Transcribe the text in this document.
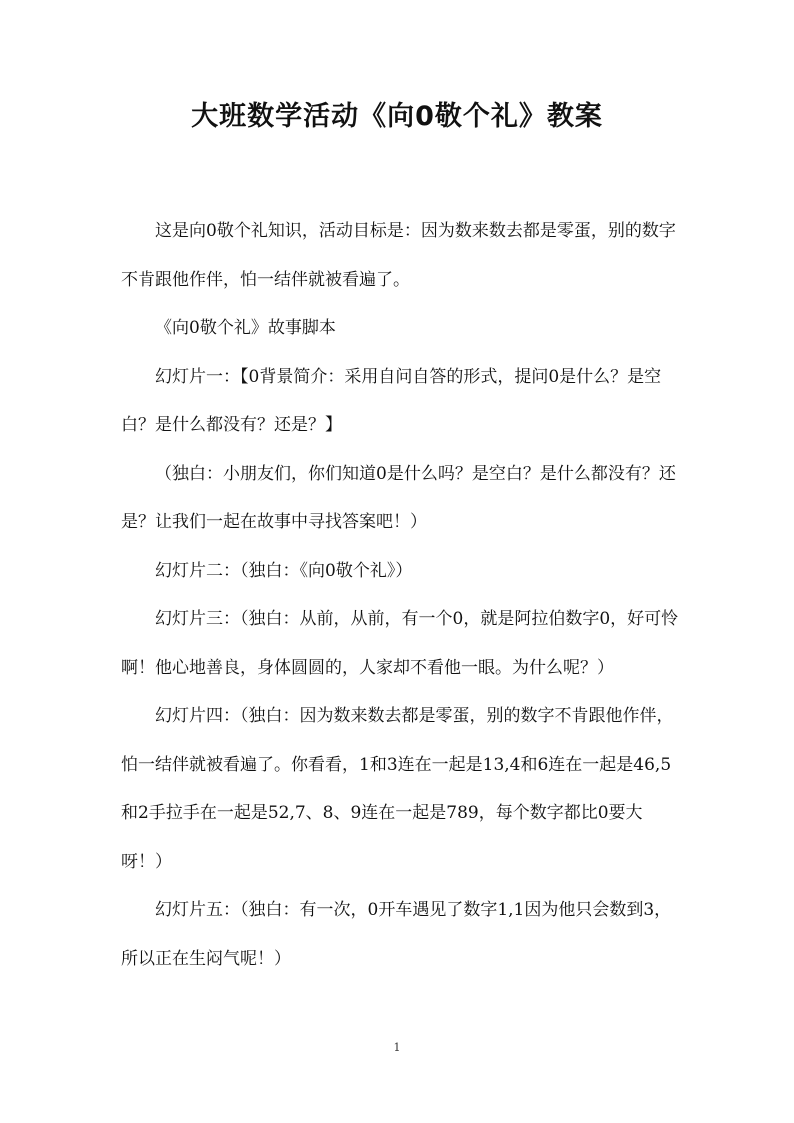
大班数学活动《向0敬个礼》教案

这是向0敬个礼知识，活动目标是：因为数来数去都是零蛋，别的数字不肯跟他作伴，怕一结伴就被看遍了。

《向0敬个礼》故事脚本

幻灯片一：【0背景简介：采用自问自答的形式，提问0是什么？是空白？是什么都没有？还是？】

（独白：小朋友们，你们知道0是什么吗？是空白？是什么都没有？还是？让我们一起在故事中寻找答案吧！）

幻灯片二：（独白：《向0敬个礼》）

幻灯片三：（独白：从前，从前，有一个0，就是阿拉伯数字0，好可怜啊！他心地善良，身体圆圆的，人家却不看他一眼。为什么呢？）

幻灯片四：（独白：因为数来数去都是零蛋，别的数字不肯跟他作伴，怕一结伴就被看遍了。你看看，1和3连在一起是13,4和6连在一起是46,5和2手拉手在一起是52,7、8、9连在一起是789，每个数字都比0要大呀！）

幻灯片五：（独白：有一次，0开车遇见了数字1,1因为他只会数到3，所以正在生闷气呢！）

1
